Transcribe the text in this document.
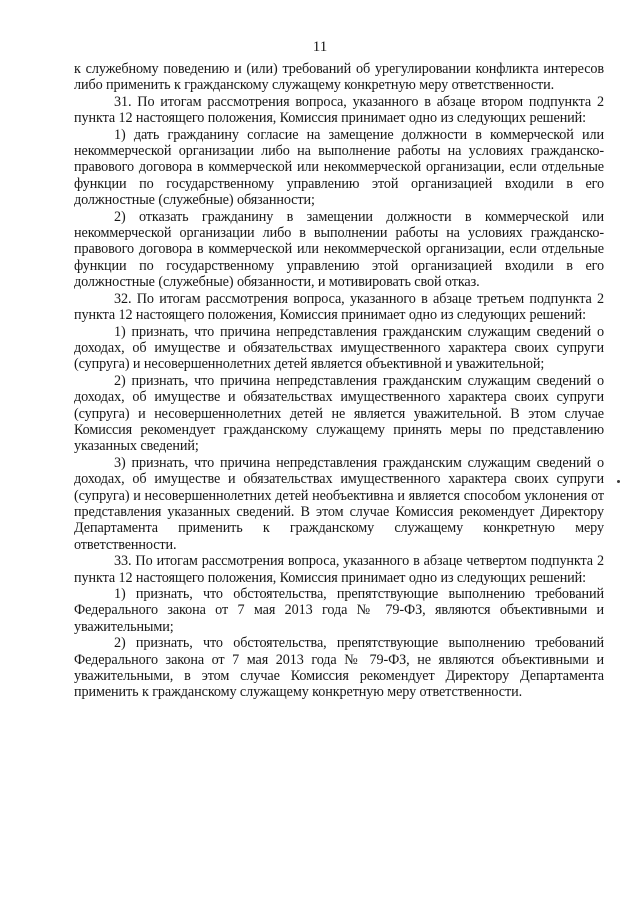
11

к служебному поведению и (или) требований об урегулировании конфликта интересов либо применить к гражданскому служащему конкретную меру ответственности.

31. По итогам рассмотрения вопроса, указанного в абзаце втором подпункта 2 пункта 12 настоящего положения, Комиссия принимает одно из следующих решений:

1) дать гражданину согласие на замещение должности в коммерческой или некоммерческой организации либо на выполнение работы на условиях гражданско-правового договора в коммерческой или некоммерческой организации, если отдельные функции по государственному управлению этой организацией входили в его должностные (служебные) обязанности;

2) отказать гражданину в замещении должности в коммерческой или некоммерческой организации либо в выполнении работы на условиях гражданско-правового договора в коммерческой или некоммерческой организации, если отдельные функции по государственному управлению этой организацией входили в его должностные (служебные) обязанности, и мотивировать свой отказ.

32. По итогам рассмотрения вопроса, указанного в абзаце третьем подпункта 2 пункта 12 настоящего положения, Комиссия принимает одно из следующих решений:

1) признать, что причина непредставления гражданским служащим сведений о доходах, об имуществе и обязательствах имущественного характера своих супруги (супруга) и несовершеннолетних детей является объективной и уважительной;

2) признать, что причина непредставления гражданским служащим сведений о доходах, об имуществе и обязательствах имущественного характера своих супруги (супруга) и несовершеннолетних детей не является уважительной. В этом случае Комиссия рекомендует гражданскому служащему принять меры по представлению указанных сведений;

3) признать, что причина непредставления гражданским служащим сведений о доходах, об имуществе и обязательствах имущественного характера своих супруги (супруга) и несовершеннолетних детей необъективна и является способом уклонения от представления указанных сведений. В этом случае Комиссия рекомендует Директору Департамента применить к гражданскому служащему конкретную меру ответственности.

33. По итогам рассмотрения вопроса, указанного в абзаце четвертом подпункта 2 пункта 12 настоящего положения, Комиссия принимает одно из следующих решений:

1) признать, что обстоятельства, препятствующие выполнению требований Федерального закона от 7 мая 2013 года № 79-ФЗ, являются объективными и уважительными;

2) признать, что обстоятельства, препятствующие выполнению требований Федерального закона от 7 мая 2013 года № 79-ФЗ, не являются объективными и уважительными, в этом случае Комиссия рекомендует Директору Департамента применить к гражданскому служащему конкретную меру ответственности.
